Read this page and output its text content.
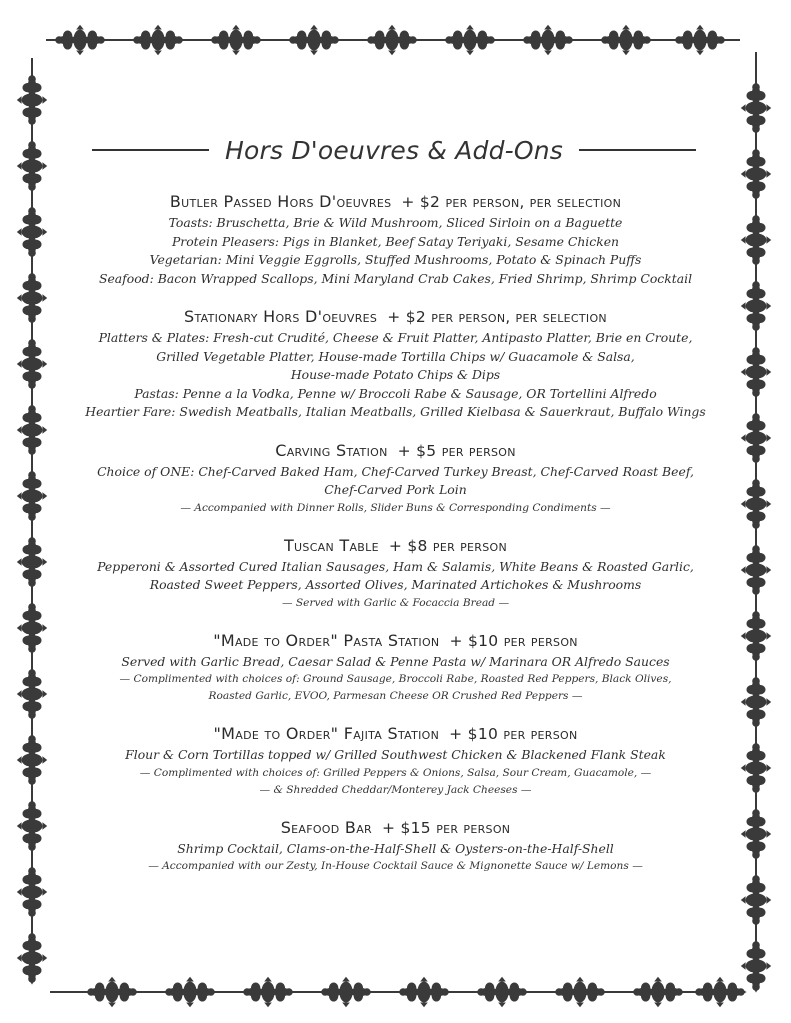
Hors D'oeuvres & Add-Ons
Butler Passed Hors D'oeuvres + $2 per person, per selection
Toasts: Bruschetta, Brie & Wild Mushroom, Sliced Sirloin on a Baguette
Protein Pleasers: Pigs in Blanket, Beef Satay Teriyaki, Sesame Chicken
Vegetarian: Mini Veggie Eggrolls, Stuffed Mushrooms, Potato & Spinach Puffs
Seafood: Bacon Wrapped Scallops, Mini Maryland Crab Cakes, Fried Shrimp, Shrimp Cocktail
Stationary Hors D'oeuvres + $2 per person, per selection
Platters & Plates: Fresh-cut Crudité, Cheese & Fruit Platter, Antipasto Platter, Brie en Croute,
Grilled Vegetable Platter, House-made Tortilla Chips w/ Guacamole & Salsa,
House-made Potato Chips & Dips
Pastas: Penne a la Vodka, Penne w/ Broccoli Rabe & Sausage, OR Tortellini Alfredo
Heartier Fare: Swedish Meatballs, Italian Meatballs, Grilled Kielbasa & Sauerkraut, Buffalo Wings
Carving Station + $5 per person
Choice of ONE: Chef-Carved Baked Ham, Chef-Carved Turkey Breast, Chef-Carved Roast Beef,
Chef-Carved Pork Loin
— Accompanied with Dinner Rolls, Slider Buns & Corresponding Condiments —
Tuscan Table + $8 per person
Pepperoni & Assorted Cured Italian Sausages, Ham & Salamis, White Beans & Roasted Garlic,
Roasted Sweet Peppers, Assorted Olives, Marinated Artichokes & Mushrooms
— Served with Garlic & Focaccia Bread —
"Made to Order" Pasta Station + $10 per person
Served with Garlic Bread, Caesar Salad & Penne Pasta w/ Marinara OR Alfredo Sauces
— Complimented with choices of: Ground Sausage, Broccoli Rabe, Roasted Red Peppers, Black Olives,
Roasted Garlic, EVOO, Parmesan Cheese OR Crushed Red Peppers —
"Made to Order" Fajita Station + $10 per person
Flour & Corn Tortillas topped w/ Grilled Southwest Chicken & Blackened Flank Steak
— Complimented with choices of: Grilled Peppers & Onions, Salsa, Sour Cream, Guacamole, —
— & Shredded Cheddar/Monterey Jack Cheeses —
Seafood Bar + $15 per person
Shrimp Cocktail, Clams-on-the-Half-Shell & Oysters-on-the-Half-Shell
— Accompanied with our Zesty, In-House Cocktail Sauce & Mignonette Sauce w/ Lemons —
